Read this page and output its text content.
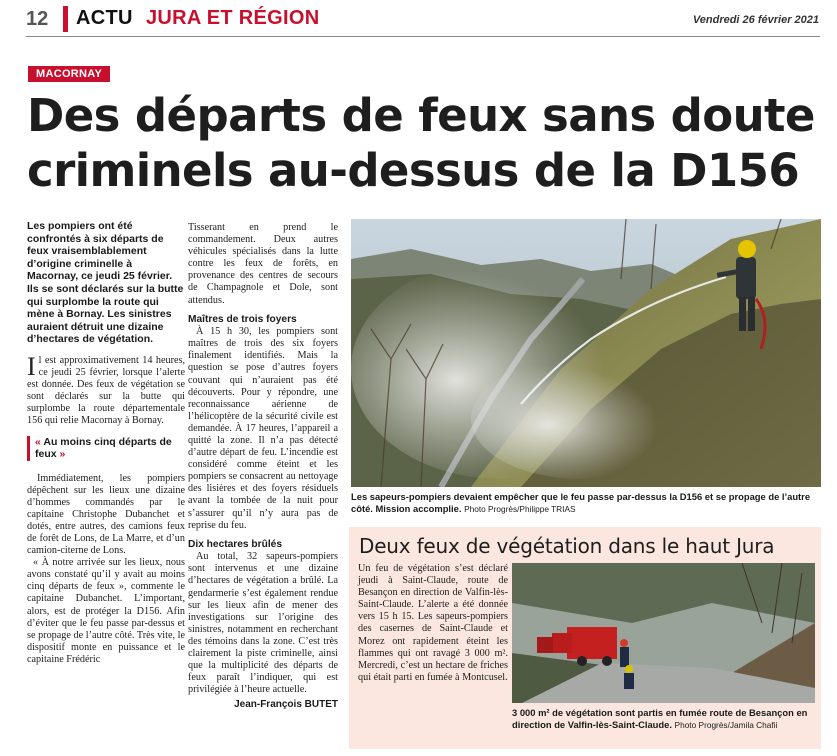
12 ACTU JURA ET RÉGION	Vendredi 26 février 2021
MACORNAY
Des départs de feux sans doute criminels au-dessus de la D156

Les pompiers ont été confrontés à six départs de feux vraisemblablement d’origine criminelle à Macornay, ce jeudi 25 février. Ils se sont déclarés sur la butte qui surplombe la route qui mène à Bornay. Les sinistres auraient détruit une dizaine d’hectares de végétation.

Il est approximativement 14 heures, ce jeudi 25 février, lorsque l’alerte est donnée. Des feux de végétation se sont déclarés sur la butte qui surplombe la route départementale 156 qui relie Macornay à Bornay.

« Au moins cinq départs de feux »

Immédiatement, les pompiers dépêchent sur les lieux une dizaine d’hommes commandés par le capitaine Christophe Dubanchet et dotés, entre autres, des camions feux de forêt de Lons, de La Marre, et d’un camion-citerne de Lons.

« À notre arrivée sur les lieux, nous avons constaté qu’il y avait au moins cinq départs de feux », commente le capitaine Dubanchet. L’important, alors, est de protéger la D156. Afin d’éviter que le feu passe par-dessus et se propage de l’autre côté. Très vite, le dispositif monte en puissance et le capitaine Frédéric

Tisserant en prend le commandement. Deux autres véhicules spécialisés dans la lutte contre les feux de forêts, en provenance des centres de secours de Champagnole et Dole, sont attendus.

Maîtres de trois foyers

À 15 h 30, les pompiers sont maîtres de trois des six foyers finalement identifiés. Mais la question se pose d’autres foyers couvant qui n’auraient pas été découverts. Pour y répondre, une reconnaissance aérienne de l’hélicoptère de la sécurité civile est demandée. À 17 heures, l’appareil a quitté la zone. Il n’a pas détecté d’autre départ de feu. L’incendie est considéré comme éteint et les pompiers se consacrent au nettoyage des lisières et des foyers résiduels avant la tombée de la nuit pour s’assurer qu’il n’y aura pas de reprise du feu.

Dix hectares brûlés

Au total, 32 sapeurs-pompiers sont intervenus et une dizaine d’hectares de végétation a brûlé. La gendarmerie s’est également rendue sur les lieux afin de mener des investigations sur l’origine des sinistres, notamment en recherchant des témoins dans la zone. C’est très clairement la piste criminelle, ainsi que la multiplicité des départs de feux paraît l’indiquer, qui est privilégiée à l’heure actuelle.

Jean-François BUTET

Les sapeurs-pompiers devaient empêcher que le feu passe par-dessus la D156 et se propage de l’autre côté. Mission accomplie. Photo Progrès/Philippe TRIAS
Deux feux de végétation dans le haut Jura

Un feu de végétation s’est déclaré jeudi à Saint-Claude, route de Besançon en direction de Valfin-lès-Saint-Claude. L’alerte a été donnée vers 15 h 15. Les sapeurs-pompiers des casernes de Saint-Claude et Morez ont rapidement éteint les flammes qui ont ravagé 3 000 m². Mercredi, c’est un hectare de friches qui était parti en fumée à Montcusel.

3 000 m² de végétation sont partis en fumée route de Besançon en direction de Valfin-lès-Saint-Claude. Photo Progrès/Jamila Chafii
